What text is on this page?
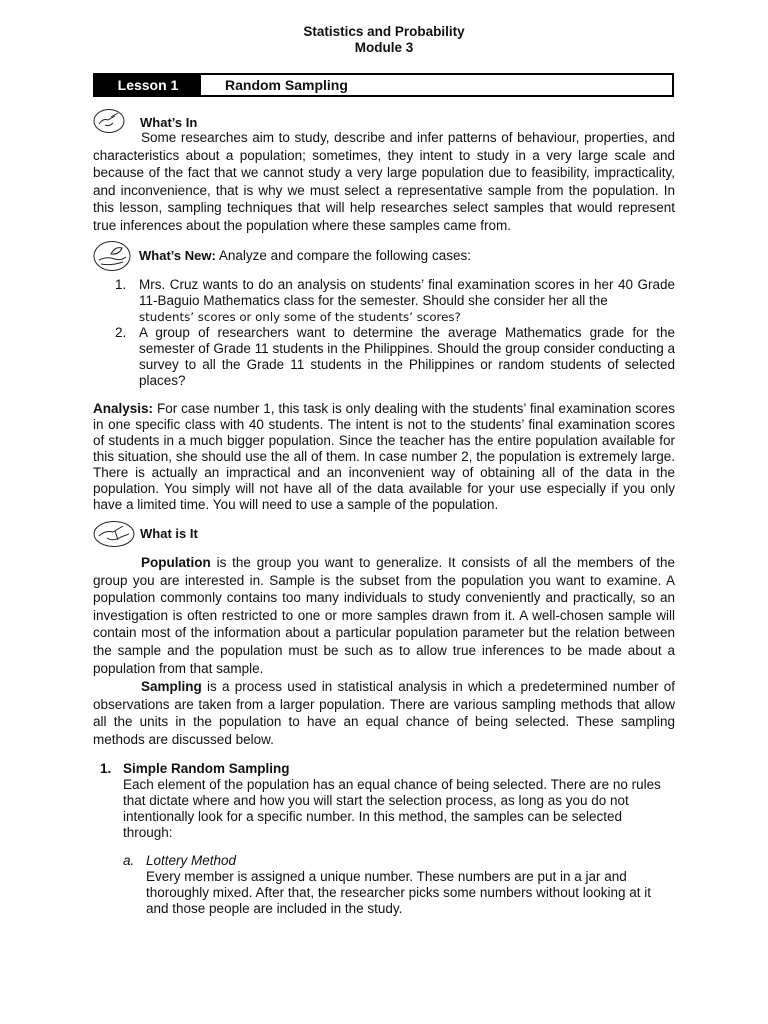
Statistics and Probability
Module 3
Lesson 1	Random Sampling
What’s In
Some researches aim to study, describe and infer patterns of behaviour, properties, and characteristics about a population; sometimes, they intent to study in a very large scale and because of the fact that we cannot study a very large population due to feasibility, impracticality, and inconvenience, that is why we must select a representative sample from the population. In this lesson, sampling techniques that will help researches select samples that would represent true inferences about the population where these samples came from.
What’s New: Analyze and compare the following cases:
1. Mrs. Cruz wants to do an analysis on students’ final examination scores in her 40 Grade 11-Baguio Mathematics class for the semester. Should she consider her all the
students’ scores or only some of the students’ scores?
2. A group of researchers want to determine the average Mathematics grade for the semester of Grade 11 students in the Philippines. Should the group consider conducting a survey to all the Grade 11 students in the Philippines or random students of selected places?
Analysis: For case number 1, this task is only dealing with the students’ final examination scores in one specific class with 40 students. The intent is not to the students’ final examination scores of students in a much bigger population. Since the teacher has the entire population available for this situation, she should use the all of them. In case number 2, the population is extremely large. There is actually an impractical and an inconvenient way of obtaining all of the data in the population. You simply will not have all of the data available for your use especially if you only have a limited time. You will need to use a sample of the population.
What is It
Population is the group you want to generalize. It consists of all the members of the group you are interested in. Sample is the subset from the population you want to examine. A population commonly contains too many individuals to study conveniently and practically, so an investigation is often restricted to one or more samples drawn from it. A well-chosen sample will contain most of the information about a particular population parameter but the relation between the sample and the population must be such as to allow true inferences to be made about a population from that sample.
Sampling is a process used in statistical analysis in which a predetermined number of observations are taken from a larger population. There are various sampling methods that allow all the units in the population to have an equal chance of being selected. These sampling methods are discussed below.
1. Simple Random Sampling
Each element of the population has an equal chance of being selected. There are no rules that dictate where and how you will start the selection process, as long as you do not intentionally look for a specific number. In this method, the samples can be selected through:
a. Lottery Method
Every member is assigned a unique number. These numbers are put in a jar and thoroughly mixed. After that, the researcher picks some numbers without looking at it and those people are included in the study.
